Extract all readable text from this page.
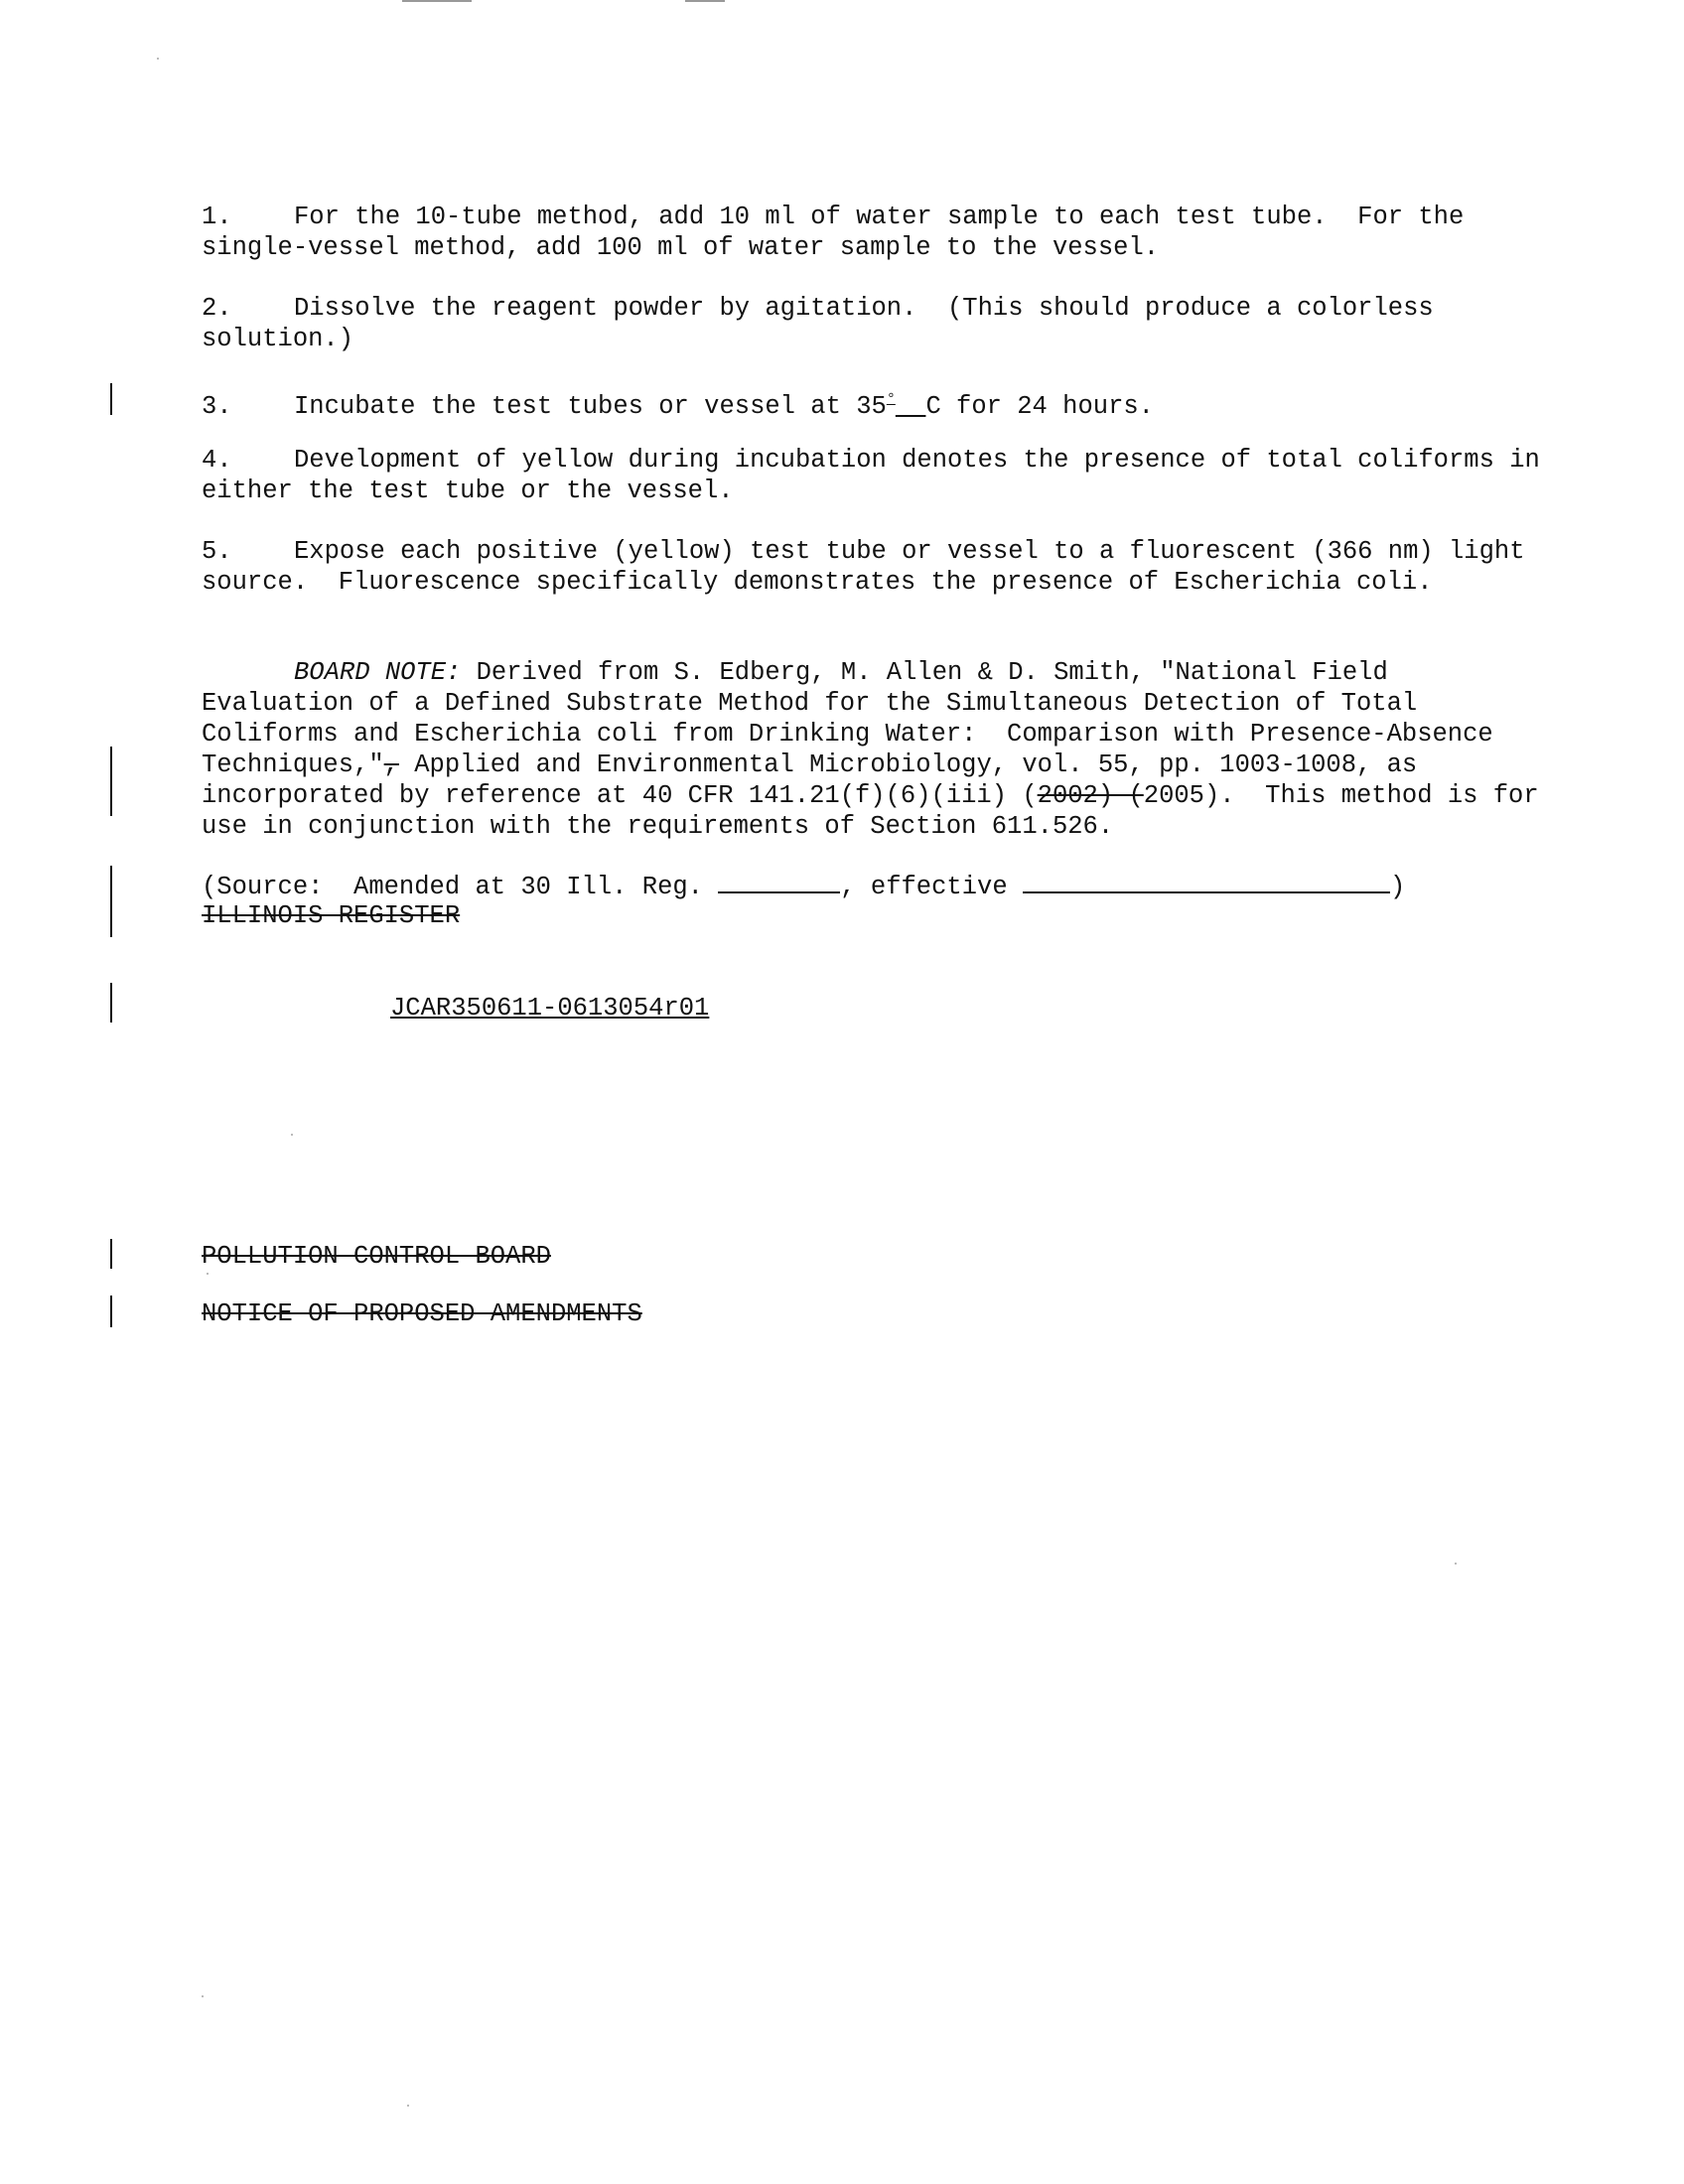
1. For the 10-tube method, add 10 ml of water sample to each test tube.  For the single-vessel method, add 100 ml of water sample to the vessel.

2. Dissolve the reagent powder by agitation.  (This should produce a colorless solution.)

3. Incubate the test tubes or vessel at 35° C for 24 hours.

4. Development of yellow during incubation denotes the presence of total coliforms in either the test tube or the vessel.

5. Expose each positive (yellow) test tube or vessel to a fluorescent (366 nm) light source.  Fluorescence specifically demonstrates the presence of Escherichia coli.

BOARD NOTE: Derived from S. Edberg, M. Allen & D. Smith, "National Field Evaluation of a Defined Substrate Method for the Simultaneous Detection of Total Coliforms and Escherichia coli from Drinking Water:  Comparison with Presence-Absence Techniques,", Applied and Environmental Microbiology, vol. 55, pp. 1003-1008, as incorporated by reference at 40 CFR 141.21(f)(6)(iii) (2002) (2005).  This method is for use in conjunction with the requirements of Section 611.526.

(Source:  Amended at 30 Ill. Reg.	, effective	)

ILLINOIS REGISTER

JCAR350611-0613054r01

POLLUTION CONTROL BOARD

NOTICE OF PROPOSED AMENDMENTS
